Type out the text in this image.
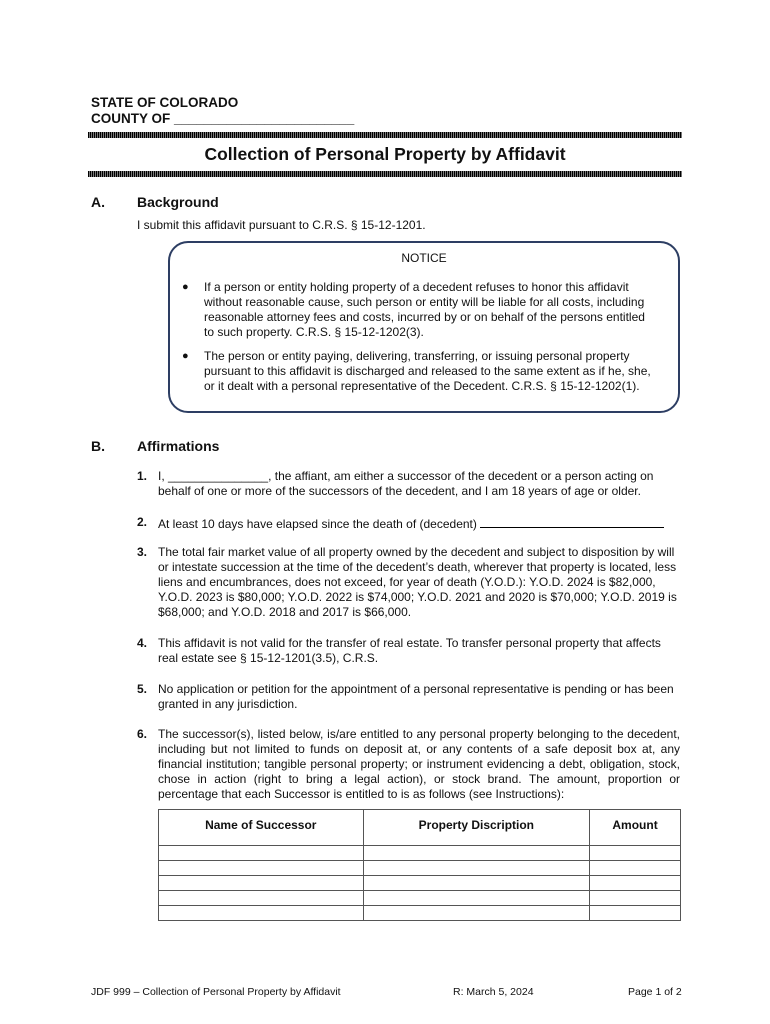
STATE OF COLORADO
COUNTY OF ________________________
Collection of Personal Property by Affidavit
A. Background
I submit this affidavit pursuant to C.R.S. § 15-12-1201.
NOTICE
● If a person or entity holding property of a decedent refuses to honor this affidavit without reasonable cause, such person or entity will be liable for all costs, including reasonable attorney fees and costs, incurred by or on behalf of the persons entitled to such property. C.R.S. § 15-12-1202(3).
● The person or entity paying, delivering, transferring, or issuing personal property pursuant to this affidavit is discharged and released to the same extent as if he, she, or it dealt with a personal representative of the Decedent. C.R.S. § 15-12-1202(1).
B. Affirmations
1. I, _______________, the affiant, am either a successor of the decedent or a person acting on behalf of one or more of the successors of the decedent, and I am 18 years of age or older.
2. At least 10 days have elapsed since the death of (decedent)
3. The total fair market value of all property owned by the decedent and subject to disposition by will or intestate succession at the time of the decedent’s death, wherever that property is located, less liens and encumbrances, does not exceed, for year of death (Y.O.D.): Y.O.D. 2024 is $82,000, Y.O.D. 2023 is $80,000; Y.O.D. 2022 is $74,000; Y.O.D. 2021 and 2020 is $70,000; Y.O.D. 2019 is $68,000; and Y.O.D. 2018 and 2017 is $66,000.
4. This affidavit is not valid for the transfer of real estate. To transfer personal property that affects real estate see § 15-12-1201(3.5), C.R.S.
5. No application or petition for the appointment of a personal representative is pending or has been granted in any jurisdiction.
6. The successor(s), listed below, is/are entitled to any personal property belonging to the decedent, including but not limited to funds on deposit at, or any contents of a safe deposit box at, any financial institution; tangible personal property; or instrument evidencing a debt, obligation, stock, chose in action (right to bring a legal action), or stock brand. The amount, proportion or percentage that each Successor is entitled to is as follows (see Instructions):
Name of Successor	Property Discription	Amount

JDF 999 – Collection of Personal Property by Affidavit	R: March 5, 2024	Page 1 of 2
